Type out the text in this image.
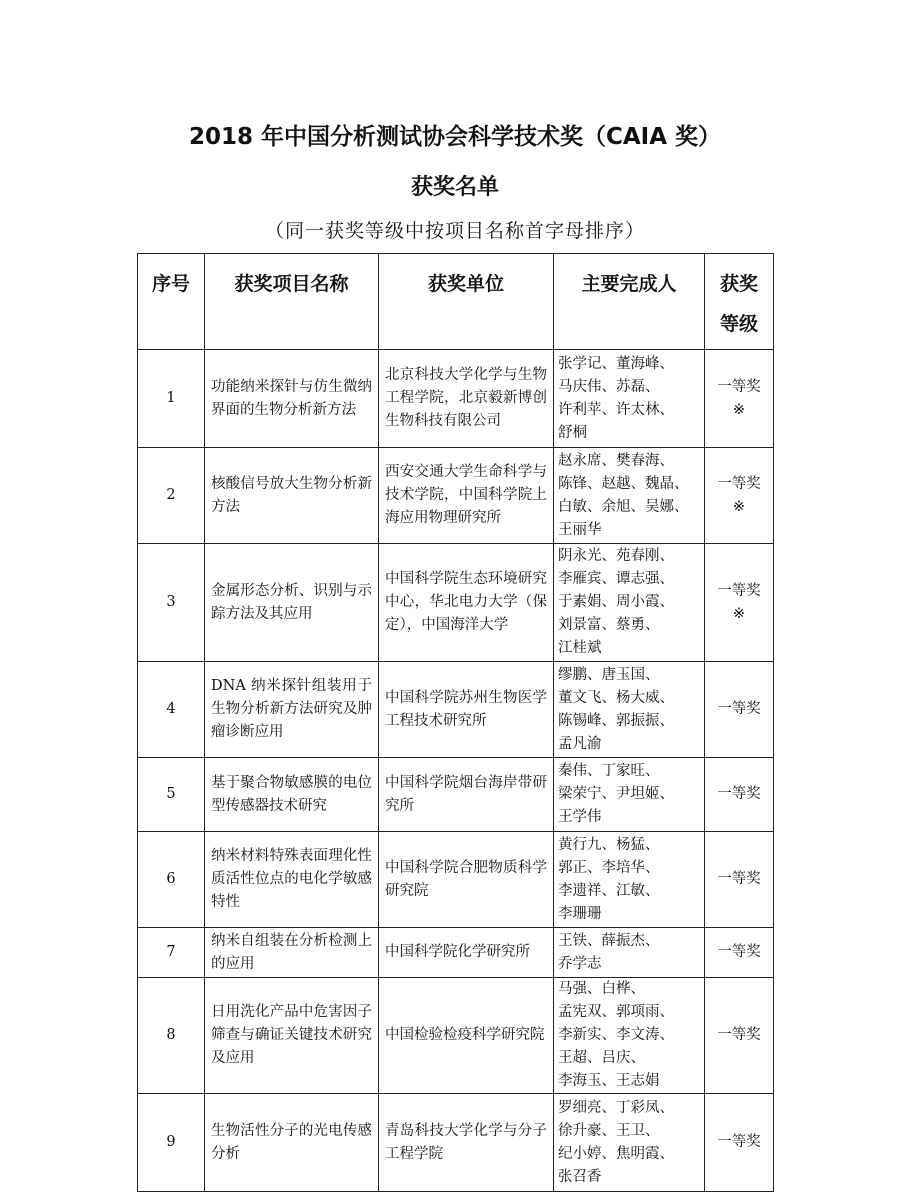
2018 年中国分析测试协会科学技术奖（CAIA 奖）
获奖名单
（同一获奖等级中按项目名称首字母排序）
序号	获奖项目名称	获奖单位	主要完成人	获奖
等级

1	功能纳米探针与仿生微纳界面的生物分析新方法	北京科技大学化学与生物工程学院，北京毅新博创生物科技有限公司	张学记、董海峰、
马庆伟、苏磊、
许利苹、许太林、
舒桐	一等奖
※

2	核酸信号放大生物分析新方法	西安交通大学生命科学与技术学院，中国科学院上海应用物理研究所	赵永席、樊春海、
陈锋、赵越、魏晶、
白敏、余旭、吴娜、
王丽华	一等奖
※

3	金属形态分析、识别与示踪方法及其应用	中国科学院生态环境研究中心，华北电力大学（保定），中国海洋大学	阴永光、苑春刚、
李雁宾、谭志强、
于素娟、周小霞、
刘景富、蔡勇、
江桂斌	一等奖
※

4	DNA 纳米探针组装用于生物分析新方法研究及肿瘤诊断应用	中国科学院苏州生物医学工程技术研究所	缪鹏、唐玉国、
董文飞、杨大威、
陈锡峰、郭振振、
孟凡渝	一等奖

5	基于聚合物敏感膜的电位型传感器技术研究	中国科学院烟台海岸带研究所	秦伟、丁家旺、
梁荣宁、尹坦姬、
王学伟	一等奖

6	纳米材料特殊表面理化性质活性位点的电化学敏感特性	中国科学院合肥物质科学研究院	黄行九、杨猛、
郭正、李培华、
李遗祥、江敏、
李珊珊	一等奖

7	纳米自组装在分析检测上的应用	中国科学院化学研究所	王铁、薛振杰、
乔学志	一等奖

8	日用洗化产品中危害因子筛查与确证关键技术研究及应用	中国检验检疫科学研究院	马强、白桦、
孟宪双、郭项雨、
李新实、李文涛、
王超、吕庆、
李海玉、王志娟	一等奖

9	生物活性分子的光电传感分析	青岛科技大学化学与分子工程学院	罗细亮、丁彩凤、
徐升豪、王卫、
纪小婷、焦明霞、
张召香	一等奖
